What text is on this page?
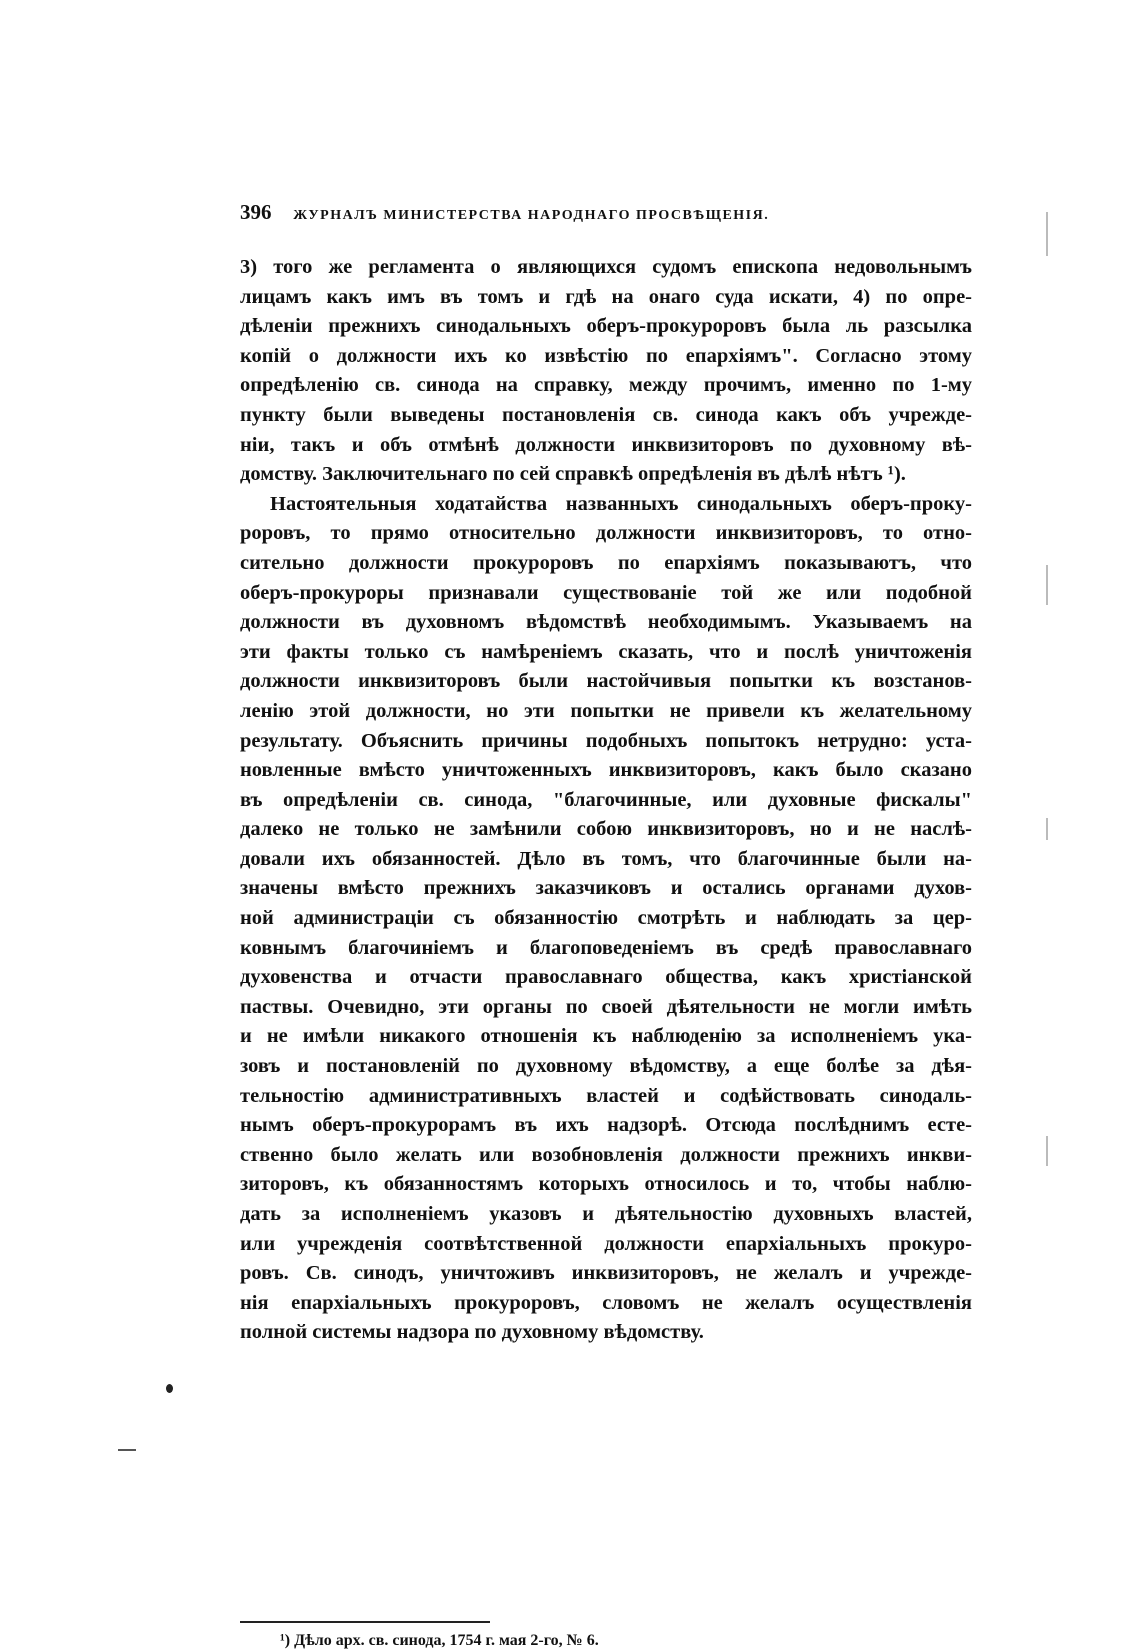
396 ЖУРНАЛЪ МИНИСТЕРСТВА НАРОДНАГО ПРОСВѢЩЕНІЯ.
3) того же регламента о являющихся судомъ епископа недовольнымъ
лицамъ какъ имъ въ томъ и гдѣ на онаго суда искати, 4) по опре-
дѣленіи прежнихъ синодальныхъ оберъ-прокуроровъ была ль разсылка
копій о должности ихъ ко извѣстію по епархіямъ". Согласно этому
опредѣленію св. синода на справку, между прочимъ, именно по 1-му
пункту были выведены постановленія св. синода какъ объ учрежде-
ніи, такъ и объ отмѣнѣ должности инквизиторовъ по духовному вѣ-
домству. Заключительнаго по сей справкѣ опредѣленія въ дѣлѣ нѣтъ ¹).
Настоятельныя ходатайства названныхъ синодальныхъ оберъ-проку-
роровъ, то прямо относительно должности инквизиторовъ, то отно-
сительно должности прокуроровъ по епархіямъ показываютъ, что
оберъ-прокуроры признавали существованіе той же или подобной
должности въ духовномъ вѣдомствѣ необходимымъ. Указываемъ на
эти факты только съ намѣреніемъ сказать, что и послѣ уничтоженія
должности инквизиторовъ были настойчивыя попытки къ возстанов-
ленію этой должности, но эти попытки не привели къ желательному
результату. Объяснить причины подобныхъ попытокъ нетрудно: уста-
новленные вмѣсто уничтоженныхъ инквизиторовъ, какъ было сказано
въ опредѣленіи св. синода, "благочинные, или духовные фискалы"
далеко не только не замѣнили собою инквизиторовъ, но и не наслѣ-
довали ихъ обязанностей. Дѣло въ томъ, что благочинные были на-
значены вмѣсто прежнихъ заказчиковъ и остались органами духов-
ной администраціи съ обязанностію смотрѣть и наблюдать за цер-
ковнымъ благочиніемъ и благоповеденіемъ въ средѣ православнаго
духовенства и отчасти православнаго общества, какъ христіанской
паствы. Очевидно, эти органы по своей дѣятельности не могли имѣть
и не имѣли никакого отношенія къ наблюденію за исполненіемъ ука-
зовъ и постановленій по духовному вѣдомству, а еще болѣе за дѣя-
тельностію административныхъ властей и содѣйствовать синодаль-
нымъ оберъ-прокурорамъ въ ихъ надзорѣ. Отсюда послѣднимъ есте-
ственно было желать или возобновленія должности прежнихъ инкви-
зиторовъ, къ обязанностямъ которыхъ относилось и то, чтобы наблю-
дать за исполненіемъ указовъ и дѣятельностію духовныхъ властей,
или учрежденія соотвѣтственной должности епархіальныхъ прокуро-
ровъ. Св. синодъ, уничтоживъ инквизиторовъ, не желалъ и учрежде-
нія епархіальныхъ прокуроровъ, словомъ не желалъ осуществленія
полной системы надзора по духовному вѣдомству.
¹) Дѣло арх. св. синода, 1754 г. мая 2-го, № 6.
